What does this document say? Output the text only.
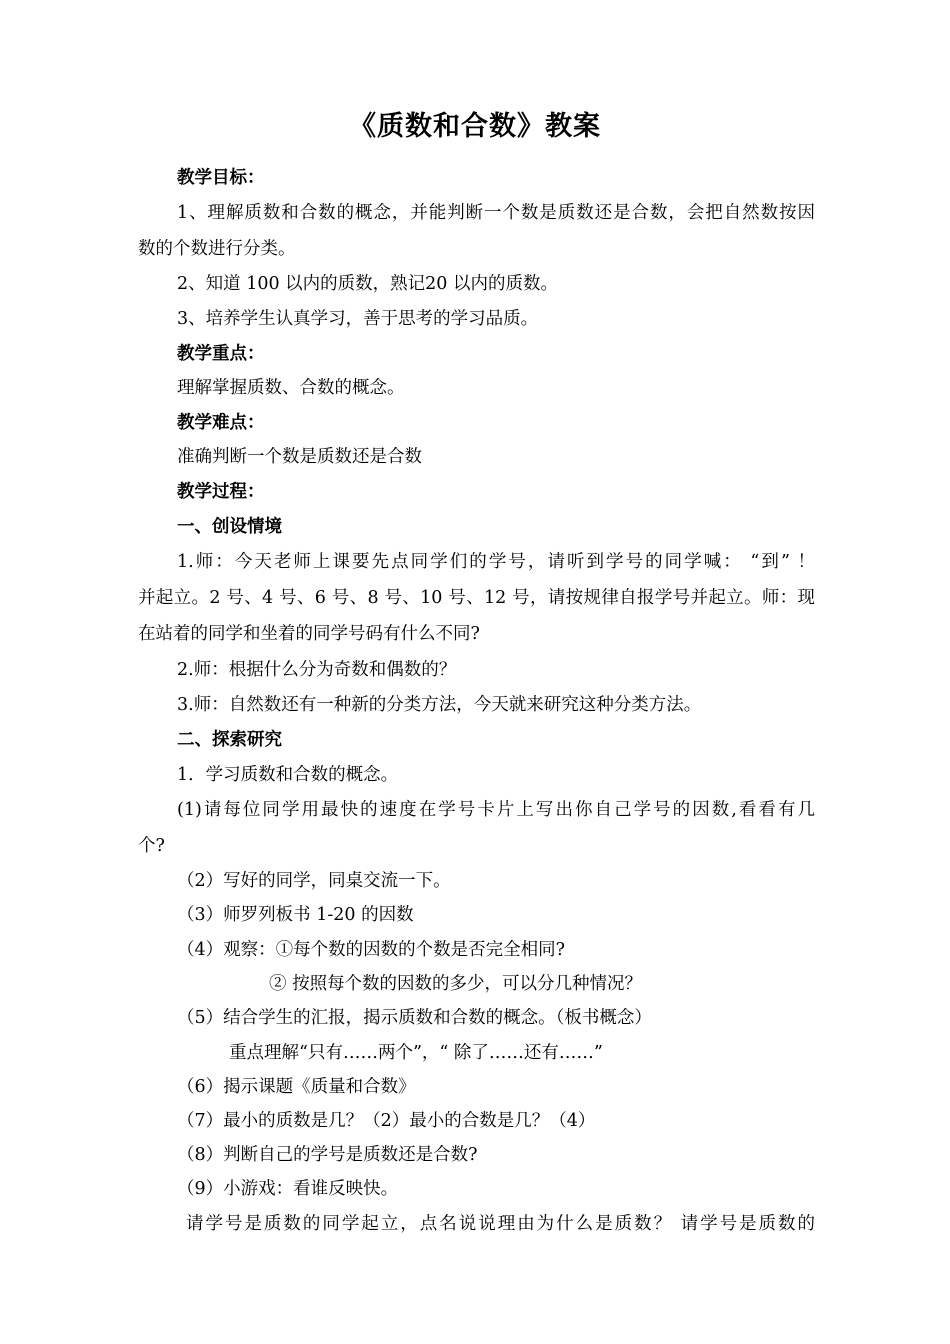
《质数和合数》教案
教学目标：
1、理解质数和合数的概念，并能判断一个数是质数还是合数，会把自然数按因
数的个数进行分类。
2、知道 100 以内的质数，熟记20 以内的质数。
3、培养学生认真学习，善于思考的学习品质。
教学重点：
理解掌握质数、合数的概念。
教学难点：
准确判断一个数是质数还是合数
教学过程：
一、创设情境
1.师：今天老师上课要先点同学们的学号，请听到学号的同学喊： “到” ！
并起立。2 号、4 号、6 号、8 号、10 号、12 号，请按规律自报学号并起立。师：现
在站着的同学和坐着的同学号码有什么不同?
2.师：根据什么分为奇数和偶数的？
3.师：自然数还有一种新的分类方法，今天就来研究这种分类方法。
二、探索研究
1．学习质数和合数的概念。
(1)请每位同学用最快的速度在学号卡片上写出你自己学号的因数,看看有几
个?
（2）写好的同学，同桌交流一下。
（3）师罗列板书 1-20 的因数
（4）观察：①每个数的因数的个数是否完全相同?
② 按照每个数的因数的多少，可以分几种情况？
（5）结合学生的汇报，揭示质数和合数的概念。（板书概念）
重点理解“只有……两个”，“ 除了……还有……”
（6）揭示课题《质量和合数》
（7）最小的质数是几？（2）最小的合数是几？（4）
（8）判断自己的学号是质数还是合数?
（9）小游戏：看谁反映快。
请学号是质数的同学起立，点名说说理由为什么是质数？ 请学号是质数的
